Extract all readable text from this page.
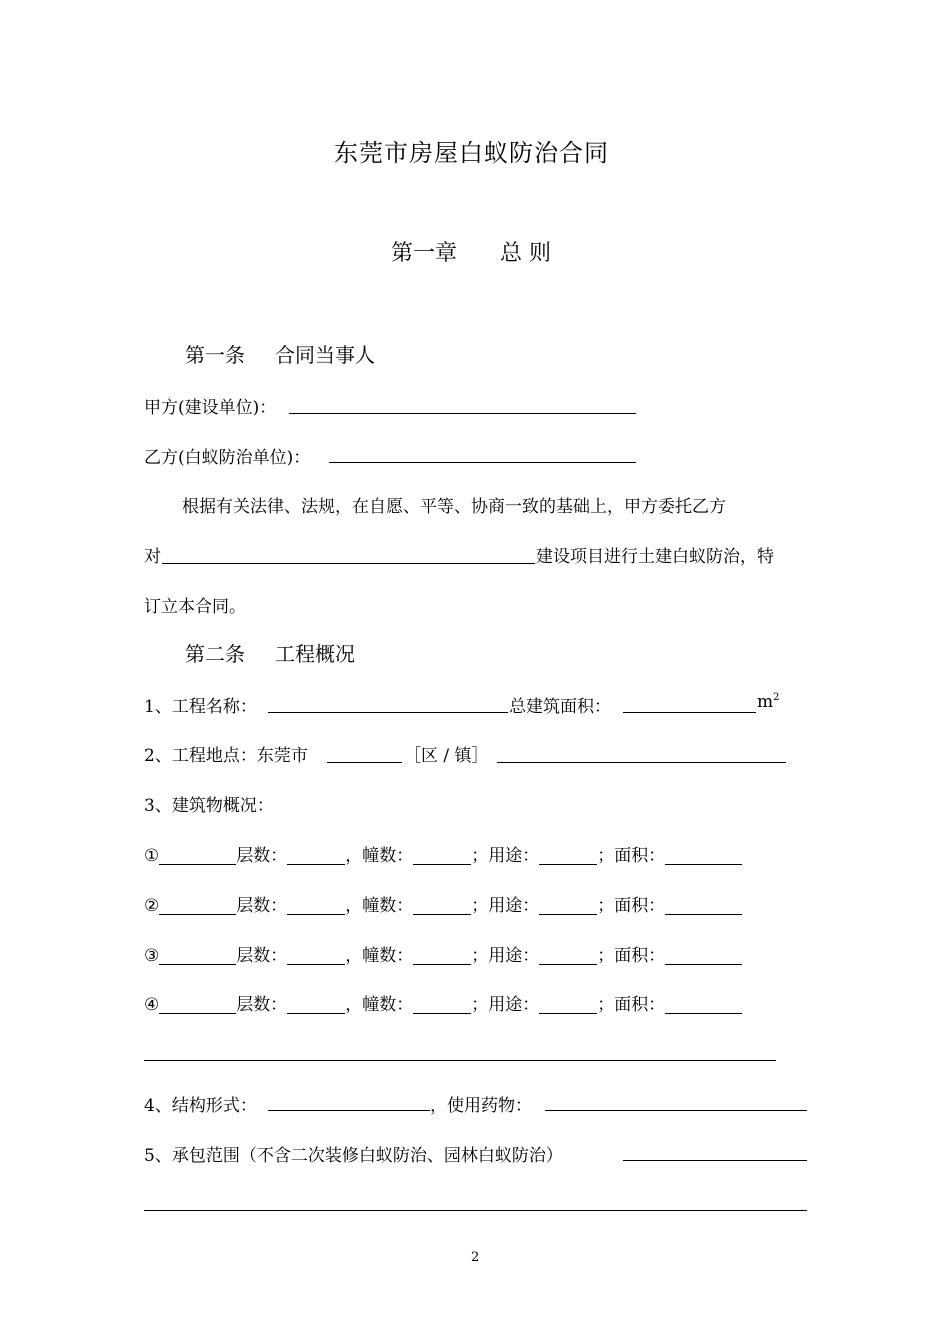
东莞市房屋白蚁防治合同
第一章 总 则
第一条 合同当事人
甲方(建设单位)：
乙方(白蚁防治单位)：
根据有关法律、法规，在自愿、平等、协商一致的基础上，甲方委托乙方
对	建设项目进行土建白蚁防治，特
订立本合同。
第二条 工程概况
1、工程名称：	总建筑面积：	$m^2$
2、工程地点：东莞市	［区 / 镇］
3、建筑物概况：
①	层数：	，幢数：	；用途：	；面积：
②	层数：	，幢数：	；用途：	；面积：
③	层数：	，幢数：	；用途：	；面积：
④	层数：	，幢数：	；用途：	；面积：
4、结构形式：	，使用药物：
5、承包范围（不含二次装修白蚁防治、园林白蚁防治）
2
